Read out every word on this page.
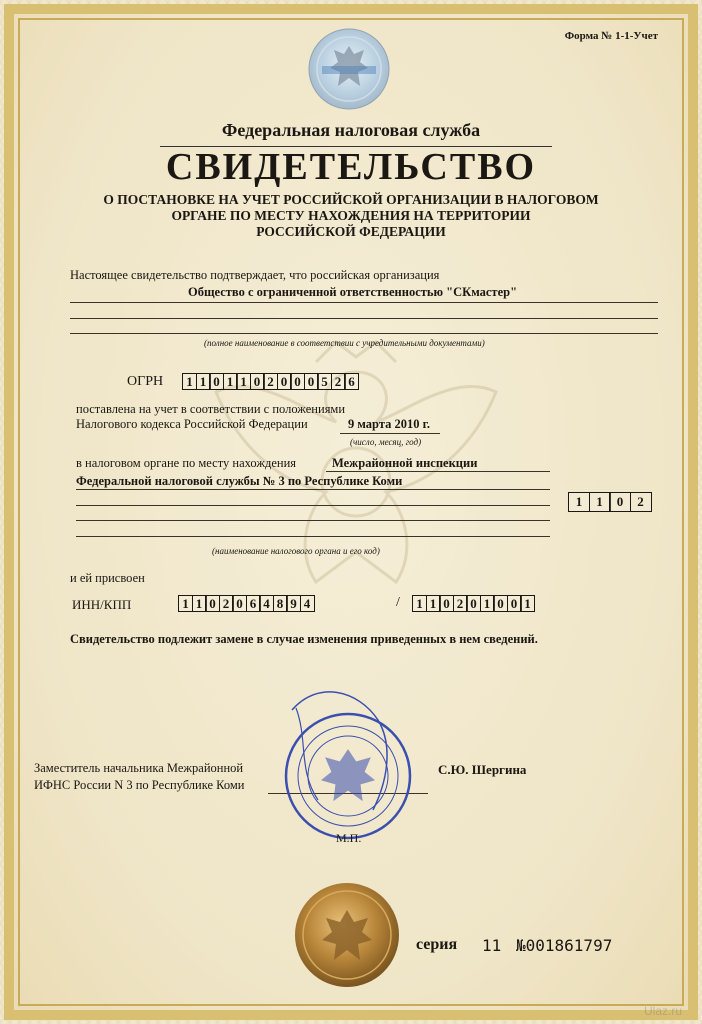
Форма № 1-1-Учет
Федеральная налоговая служба
СВИДЕТЕЛЬСТВО
О ПОСТАНОВКЕ НА УЧЕТ РОССИЙСКОЙ ОРГАНИЗАЦИИ В НАЛОГОВОМ
ОРГАНЕ ПО МЕСТУ НАХОЖДЕНИЯ НА ТЕРРИТОРИИ
РОССИЙСКОЙ ФЕДЕРАЦИИ
Настоящее свидетельство подтверждает, что российская организация
Общество с ограниченной ответственностью "СКмастер"
(полное наименование в соответствии с учредительными документами)
ОГРН	1 1 0 1 1 0 2 0 0 0 5 2 6
поставлена на учет в соответствии с положениями
Налогового кодекса Российской Федерации	9 марта 2010 г.
(число, месяц, год)
в налоговом органе по месту нахождения	Межрайонной инспекции
Федеральной налоговой службы № 3 по Республике Коми
1	1	0	2
(наименование налогового органа и его код)
и ей присвоен
ИНН/КПП	1 1 0 2 0 6 4 8 9 4	/	1 1 0 2 0 1 0 0 1
Свидетельство подлежит замене в случае изменения приведенных в нем сведений.
Заместитель начальника Межрайонной
ИФНС России N 3 по Республике Коми
С.Ю. Шергина
М.П.
серия 11 №001861797
Ulaz.ru
